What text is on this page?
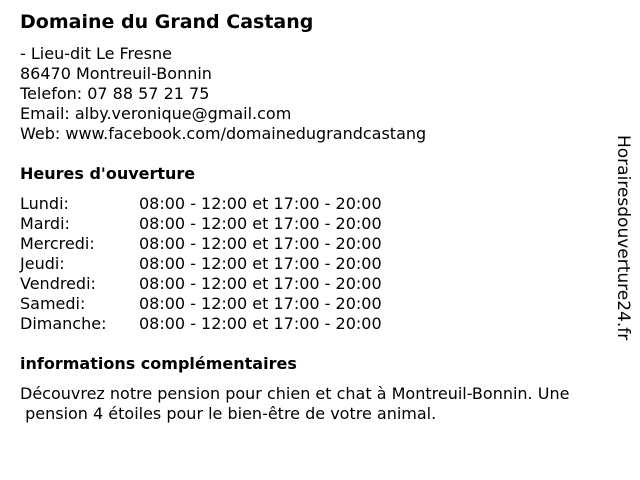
Domaine du Grand Castang
- Lieu-dit Le Fresne
86470 Montreuil-Bonnin
Telefon: 07 88 57 21 75
Email: alby.veronique@gmail.com
Web: www.facebook.com/domainedugrandcastang
Heures d'ouverture
Lundi:	08:00 - 12:00 et 17:00 - 20:00
Mardi:	08:00 - 12:00 et 17:00 - 20:00
Mercredi:	08:00 - 12:00 et 17:00 - 20:00
Jeudi:	08:00 - 12:00 et 17:00 - 20:00
Vendredi:	08:00 - 12:00 et 17:00 - 20:00
Samedi:	08:00 - 12:00 et 17:00 - 20:00
Dimanche: 08:00 - 12:00 et 17:00 - 20:00
informations complémentaires
Découvrez notre pension pour chien et chat à Montreuil-Bonnin. Une
pension 4 étoiles pour le bien-être de votre animal.
Horairesdouverture24.fr
